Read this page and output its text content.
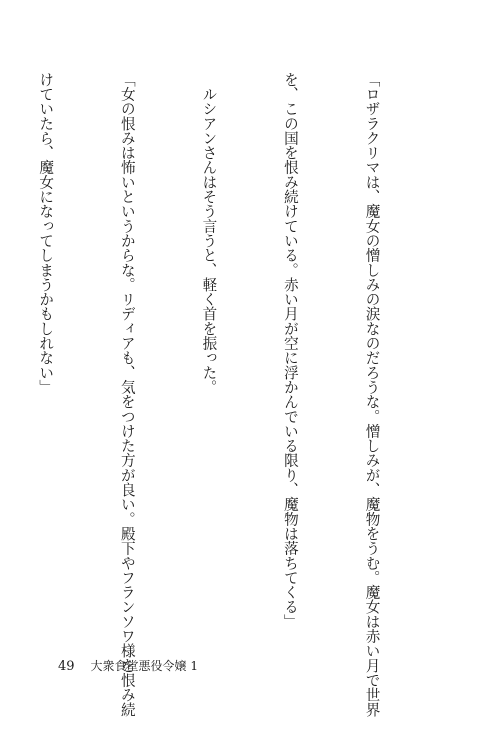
「ロザラクリマは、魔女の憎しみの涙なのだろうな。憎しみが、魔物をうむ。魔女は赤い月で世界

を、この国を恨み続けている。赤い月が空に浮かんでいる限り、魔物は落ちてくる」

　ルシアンさんはそう言うと、軽く首を振った。

「女の恨みは怖いというからな。リディアも、気をつけた方が良い。殿下やフランソワ様を恨み続

けていたら、魔女になってしまうかもしれない」

49 大衆食堂悪役令嬢 1
